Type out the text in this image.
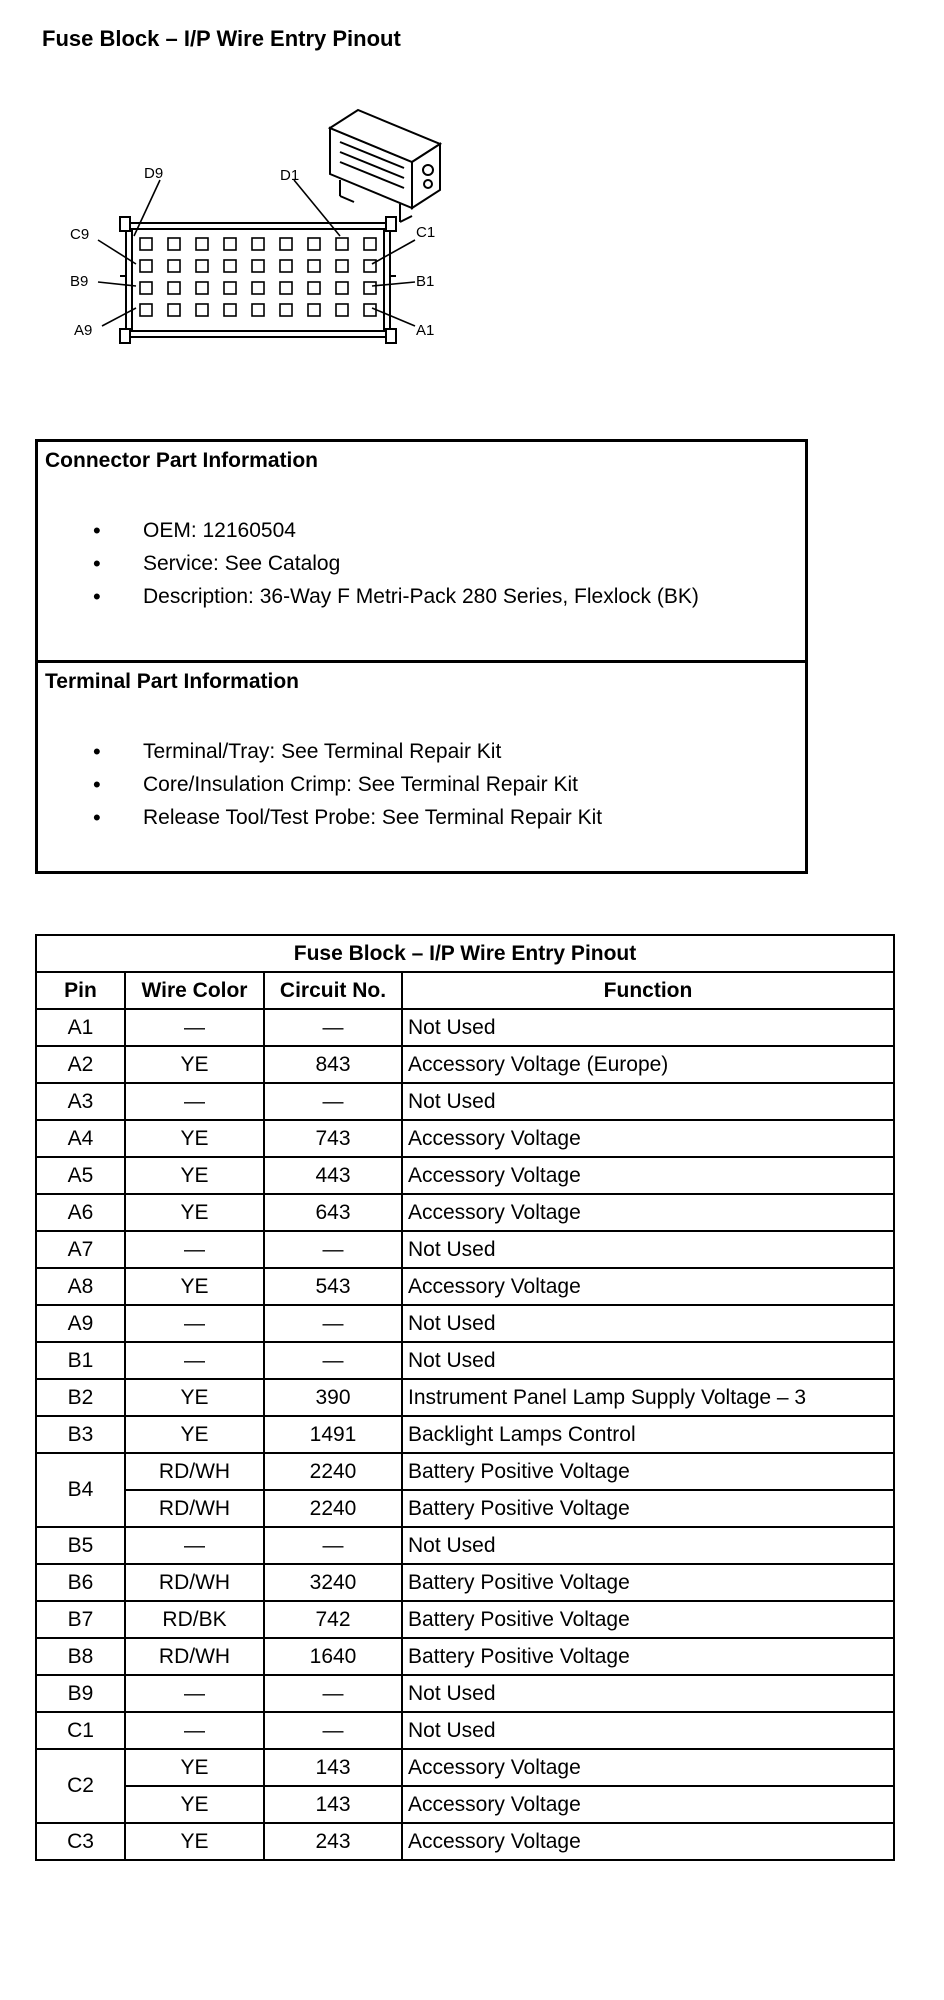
Fuse Block – I/P Wire Entry Pinout
D9	D1
C9	C1
B9	B1
A9	A1
Connector Part Information
• OEM: 12160504
• Service: See Catalog
• Description: 36-Way F Metri-Pack 280 Series, Flexlock (BK)
Terminal Part Information
• Terminal/Tray: See Terminal Repair Kit
• Core/Insulation Crimp: See Terminal Repair Kit
• Release Tool/Test Probe: See Terminal Repair Kit
Fuse Block – I/P Wire Entry Pinout			
Pin	Wire Color	Circuit No.	Function
A1	—	—	Not Used
A2	YE	843	Accessory Voltage (Europe)
A3	—	—	Not Used
A4	YE	743	Accessory Voltage
A5	YE	443	Accessory Voltage
A6	YE	643	Accessory Voltage
A7	—	—	Not Used
A8	YE	543	Accessory Voltage
A9	—	—	Not Used
B1	—	—	Not Used
B2	YE	390	Instrument Panel Lamp Supply Voltage – 3
B3	YE	1491	Backlight Lamps Control
B4	RD/WH	2240	Battery Positive Voltage
	RD/WH	2240	Battery Positive Voltage
B5	—	—	Not Used
B6	RD/WH	3240	Battery Positive Voltage
B7	RD/BK	742	Battery Positive Voltage
B8	RD/WH	1640	Battery Positive Voltage
B9	—	—	Not Used
C1	—	—	Not Used
C2	YE	143	Accessory Voltage
	YE	143	Accessory Voltage
C3	YE	243	Accessory Voltage
